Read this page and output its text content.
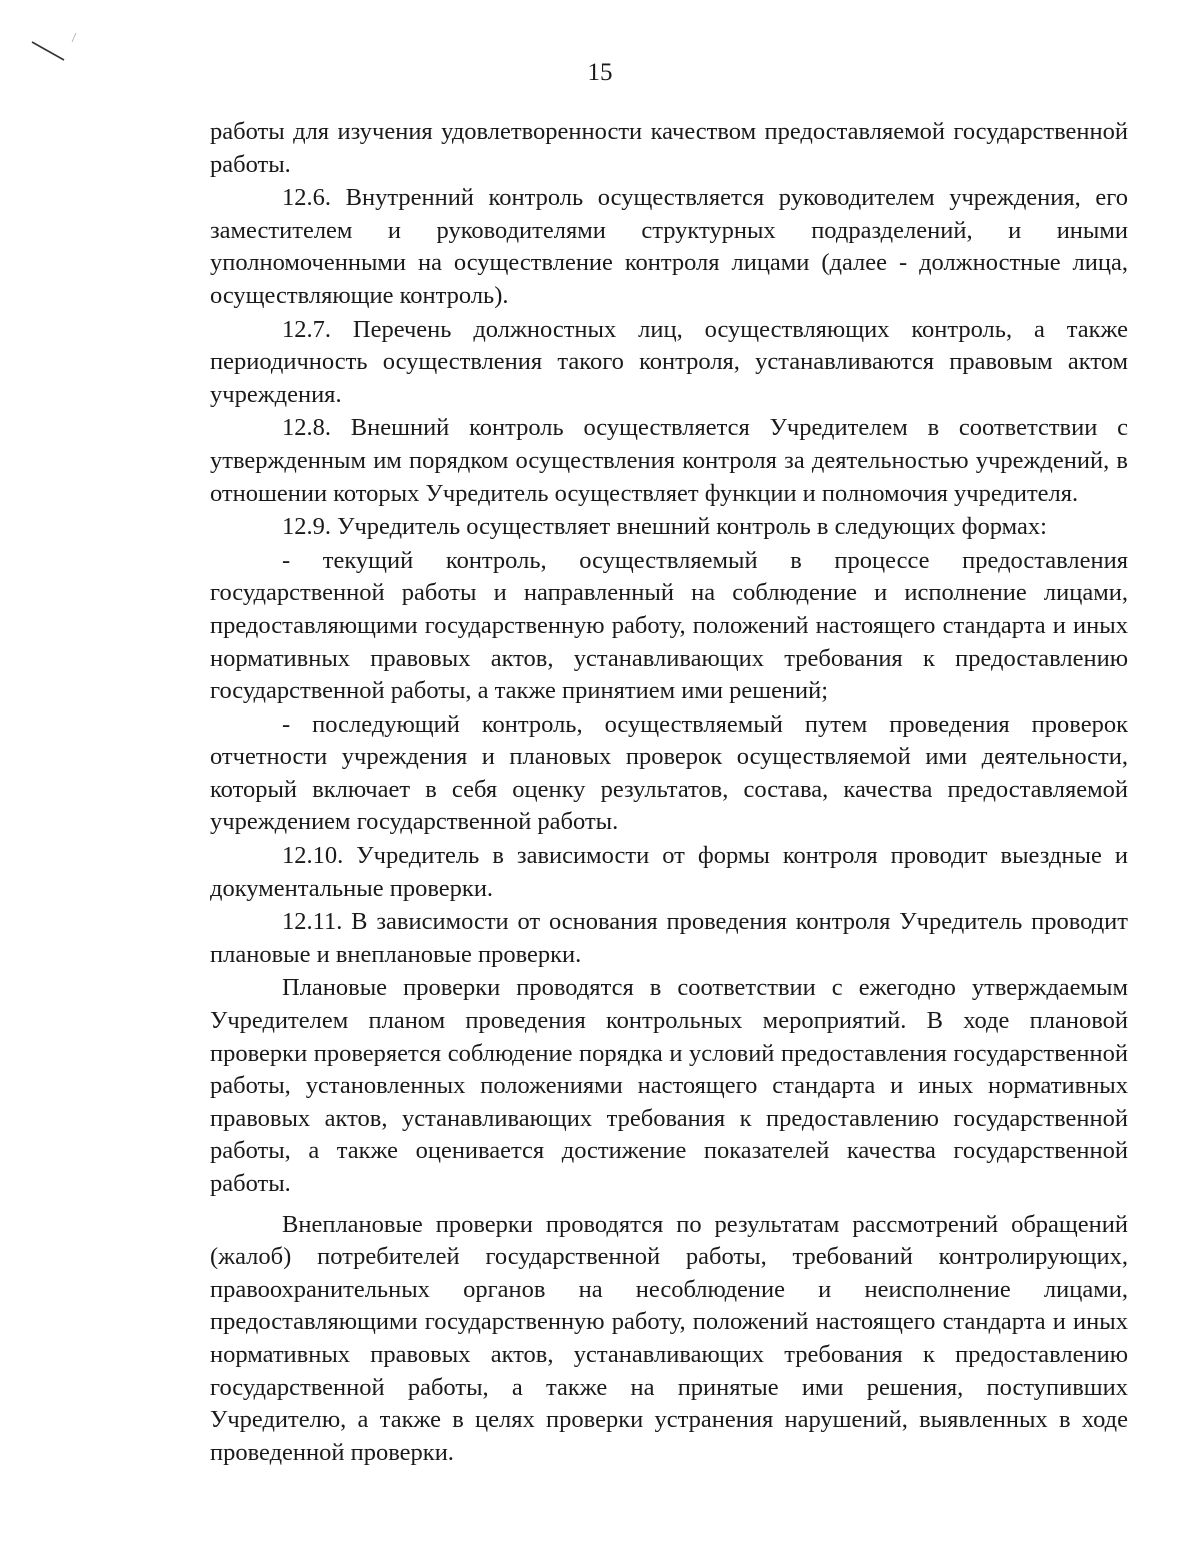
15

работы для изучения удовлетворенности качеством предоставляемой государственной работы.

12.6. Внутренний контроль осуществляется руководителем учреждения, его заместителем и руководителями структурных подразделений, и иными уполномоченными на осуществление контроля лицами (далее - должностные лица, осуществляющие контроль).

12.7. Перечень должностных лиц, осуществляющих контроль, а также периодичность осуществления такого контроля, устанавливаются правовым актом учреждения.

12.8. Внешний контроль осуществляется Учредителем в соответствии с утвержденным им порядком осуществления контроля за деятельностью учреждений, в отношении которых Учредитель осуществляет функции и полномочия учредителя.

12.9. Учредитель осуществляет внешний контроль в следующих формах:

- текущий контроль, осуществляемый в процессе предоставления государственной работы и направленный на соблюдение и исполнение лицами, предоставляющими государственную работу, положений настоящего стандарта и иных нормативных правовых актов, устанавливающих требования к предоставлению государственной работы, а также принятием ими решений;

- последующий контроль, осуществляемый путем проведения проверок отчетности учреждения и плановых проверок осуществляемой ими деятельности, который включает в себя оценку результатов, состава, качества предоставляемой учреждением государственной работы.

12.10. Учредитель в зависимости от формы контроля проводит выездные и документальные проверки.

12.11. В зависимости от основания проведения контроля Учредитель проводит плановые и внеплановые проверки.

Плановые проверки проводятся в соответствии с ежегодно утверждаемым Учредителем планом проведения контрольных мероприятий. В ходе плановой проверки проверяется соблюдение порядка и условий предоставления государственной работы, установленных положениями настоящего стандарта и иных нормативных правовых актов, устанавливающих требования к предоставлению государственной работы, а также оценивается достижение показателей качества государственной работы.

Внеплановые проверки проводятся по результатам рассмотрений обращений (жалоб) потребителей государственной работы, требований контролирующих, правоохранительных органов на несоблюдение и неисполнение лицами, предоставляющими государственную работу, положений настоящего стандарта и иных нормативных правовых актов, устанавливающих требования к предоставлению государственной работы, а также на принятые ими решения, поступивших Учредителю, а также в целях проверки устранения нарушений, выявленных в ходе проведенной проверки.
